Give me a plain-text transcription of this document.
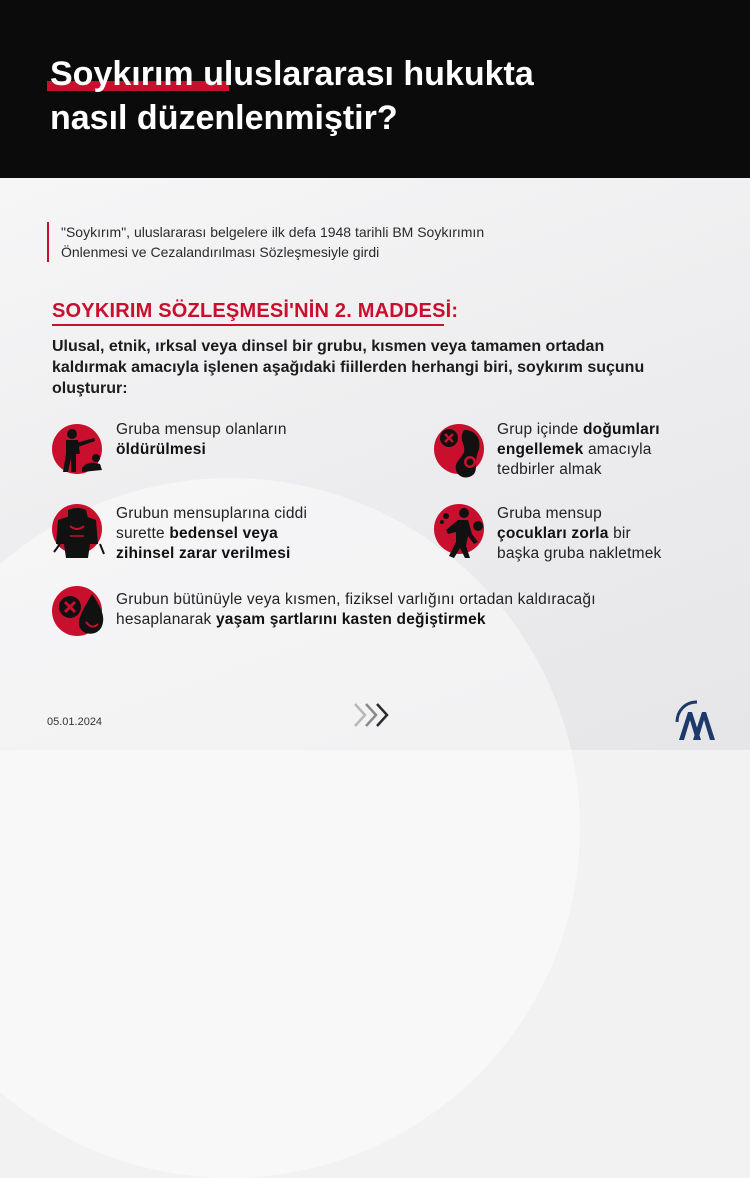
Soykırım uluslararası hukukta
nasıl düzenlenmiştir?
"Soykırım", uluslararası belgelere ilk defa 1948 tarihli BM Soykırımın
Önlenmesi ve Cezalandırılması Sözleşmesiyle girdi
SOYKIRIM SÖZLEŞMESİ'NİN 2. MADDESİ:
Ulusal, etnik, ırksal veya dinsel bir grubu, kısmen veya tamamen ortadan kaldırmak amacıyla işlenen aşağıdaki fiillerden herhangi biri, soykırım suçunu oluşturur:
Gruba mensup olanların
öldürülmesi
Grup içinde doğumları
engellemek amacıyla
tedbirler almak
Grubun mensuplarına ciddi
surette bedensel veya
zihinsel zarar verilmesi
Gruba mensup
çocukları zorla bir
başka gruba nakletmek
Grubun bütünüyle veya kısmen, fiziksel varlığını ortadan kaldıracağı
hesaplanarak yaşam şartlarını kasten değiştirmek
05.01.2024
AA
